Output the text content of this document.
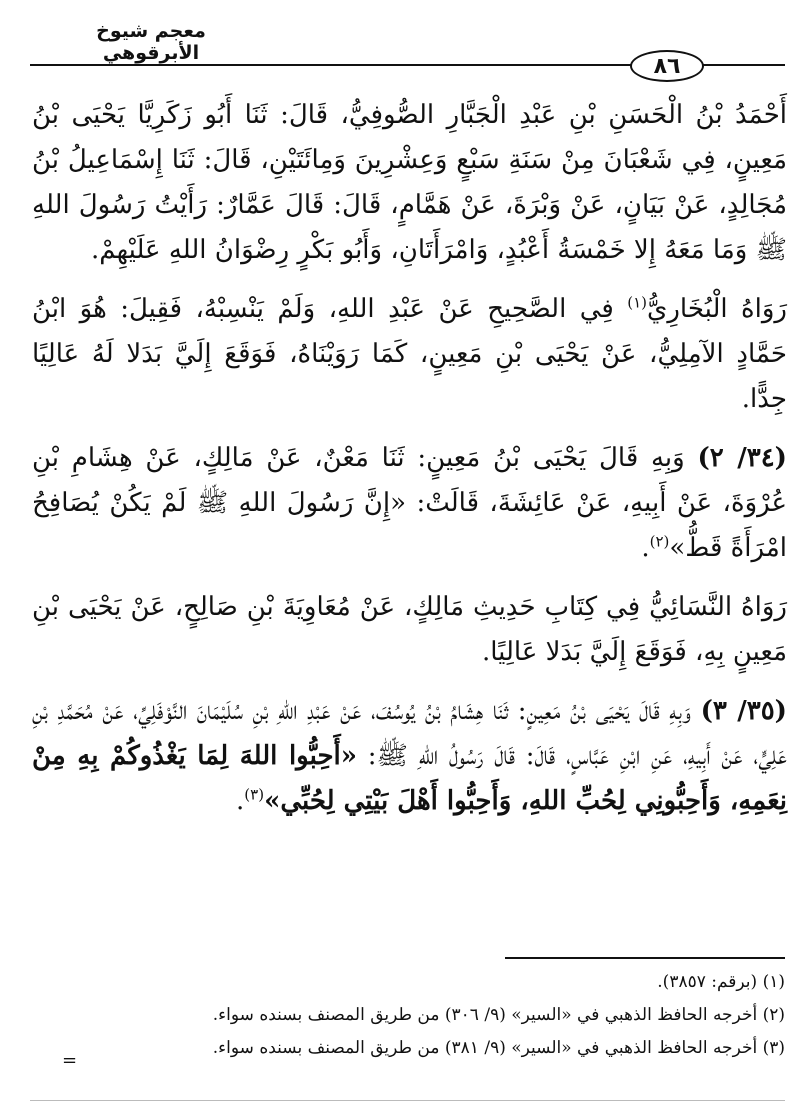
معجم شيوخ الأبرقوهي
٨٦

أَحْمَدُ بْنُ الْحَسَنِ بْنِ عَبْدِ الْجَبَّارِ الصُّوفِيُّ، قَالَ: ثَنَا أَبُو زَكَرِيَّا يَحْيَى بْنُ مَعِينٍ، فِي شَعْبَانَ مِنْ سَنَةِ سَبْعٍ وَعِشْرِينَ وَمِائَتَيْنِ، قَالَ: ثَنَا إِسْمَاعِيلُ بْنُ مُجَالِدٍ، عَنْ بَيَانٍ، عَنْ وَبْرَةَ، عَنْ هَمَّامٍ، قَالَ: قَالَ عَمَّارٌ: رَأَيْتُ رَسُولَ اللهِ ﷺ وَمَا مَعَهُ إِلا خَمْسَةُ أَعْبُدٍ، وَامْرَأَتَانِ، وَأَبُو بَكْرٍ رِضْوَانُ اللهِ عَلَيْهِمْ.

رَوَاهُ الْبُخَارِيُّ$^{(١)}$ فِي الصَّحِيحِ عَنْ عَبْدِ اللهِ، وَلَمْ يَنْسِبْهُ، فَقِيلَ: هُوَ ابْنُ حَمَّادٍ الآمِلِيُّ، عَنْ يَحْيَى بْنِ مَعِينٍ، كَمَا رَوَيْنَاهُ، فَوَقَعَ إِلَيَّ بَدَلا لَهُ عَالِيًا جِدًّا.

(٣٤/ ٢) وَبِهِ قَالَ يَحْيَى بْنُ مَعِينٍ: ثَنَا مَعْنٌ، عَنْ مَالِكٍ، عَنْ هِشَامِ بْنِ عُرْوَةَ، عَنْ أَبِيهِ، عَنْ عَائِشَةَ، قَالَتْ: «إِنَّ رَسُولَ اللهِ ﷺ لَمْ يَكُنْ يُصَافِحُ امْرَأَةً قَطُّ»$^{(٢)}$.

رَوَاهُ النَّسَائِيُّ فِي كِتَابِ حَدِيثِ مَالِكٍ، عَنْ مُعَاوِيَةَ بْنِ صَالِحٍ، عَنْ يَحْيَى بْنِ مَعِينٍ بِهِ، فَوَقَعَ إِلَيَّ بَدَلا عَالِيًا.

(٣٥/ ٣) وَبِهِ قَالَ يَحْيَى بْنُ مَعِينٍ: ثَنَا هِشَامُ بْنُ يُوسُفَ، عَنْ عَبْدِ اللهِ بْنِ سُلَيْمَانَ النَّوْفَلِيِّ، عَنْ مُحَمَّدِ بْنِ عَلِيٍّ، عَنْ أَبِيهِ، عَنِ ابْنِ عَبَّاسٍ، قَالَ: قَالَ رَسُولُ اللهِ ﷺ: «أَحِبُّوا اللهَ لِمَا يَغْذُوكُمْ بِهِ مِنْ نِعَمِهِ، وَأَحِبُّونِي لِحُبِّ اللهِ، وَأَحِبُّوا أَهْلَ بَيْتِي لِحُبِّي»$^{(٣)}$.

(١) (برقم: ٣٨٥٧).
(٢) أخرجه الحافظ الذهبي في «السير» (٩/ ٣٠٦) من طريق المصنف بسنده سواء.
(٣) أخرجه الحافظ الذهبي في «السير» (٩/ ٣٨١) من طريق المصنف بسنده سواء.
=
